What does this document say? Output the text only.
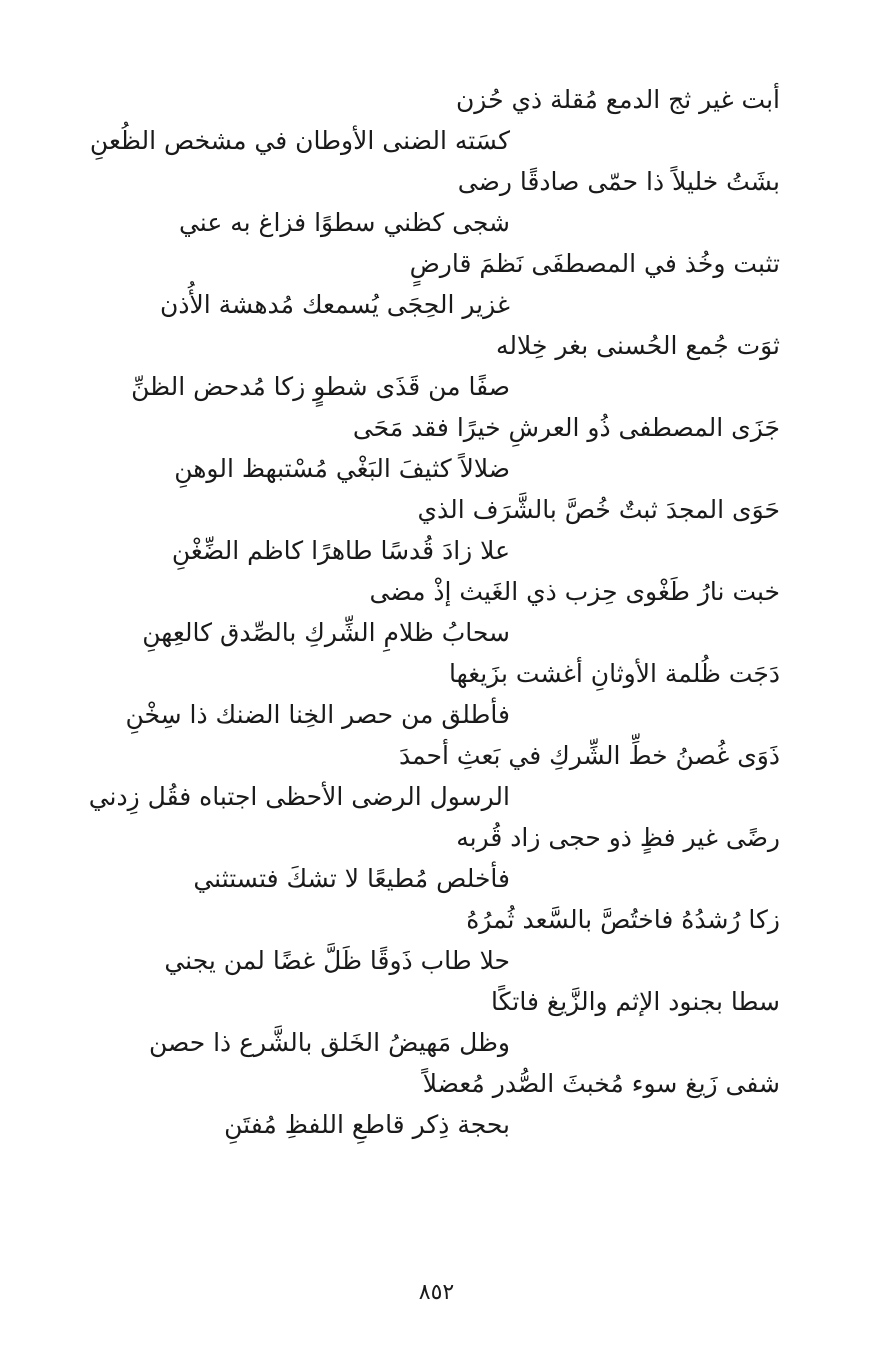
أبت غير ثج الدمع مُقلة ذي حُزن
كسَته الضنى الأوطان في مشخص الظُعنِ
بشَتُ خليلاً ذا حمّى صادقًا رضى
شجى كظني سطوًا فزاغ به عني
تثبت وخُذ في المصطفَى نَظمَ قارضٍ
غزير الحِجَى يُسمعك مُدهشة الأُذن
ثوَت جُمع الحُسنى بغر خِلاله
صفًا من قَذَى شطوٍ زكا مُدحض الظنِّ
جَزَى المصطفى ذُو العرشِ خيرًا فقد مَحَى
ضلالاً كثيفَ البَغْي مُسْتبهظ الوهنِ
حَوَى المجدَ ثبتٌ خُصَّ بالشَّرَف الذي
علا زادَ قُدسًا طاهرًا كاظم الضِّغْنِ
خبت نارُ طَغْوى حِزب ذي الغَيث إذْ مضى
سحابُ ظلامِ الشِّركِ بالصِّدق كالعِهنِ
دَجَت ظُلمة الأوثانِ أغشت بزَيغها
فأطلق من حصر الخِنا الضنك ذا سِخْنِ
ذَوَى غُصنُ خطِّ الشِّركِ في بَعثِ أحمدَ
الرسول الرضى الأحظى اجتباه فقُل زِدني
رضًى غير فظٍ ذو حجى زاد قُربه
فأخلص مُطيعًا لا تشكَ فتستثني
زكا رُشدُهُ فاختُصَّ بالسَّعد ثُمرُهُ
حلا طاب ذَوقًا ظَلَّ غضًا لمن يجني
سطا بجنود الإثم والزَّيغ فاتكًا
وظل مَهيضُ الخَلق بالشَّرع ذا حصن
شفى زَيغ سوء مُخبثَ الصُّدر مُعضلاً
بحجة ذِكر قاطعِ اللفظِ مُفتَنِ
٨٥٢
